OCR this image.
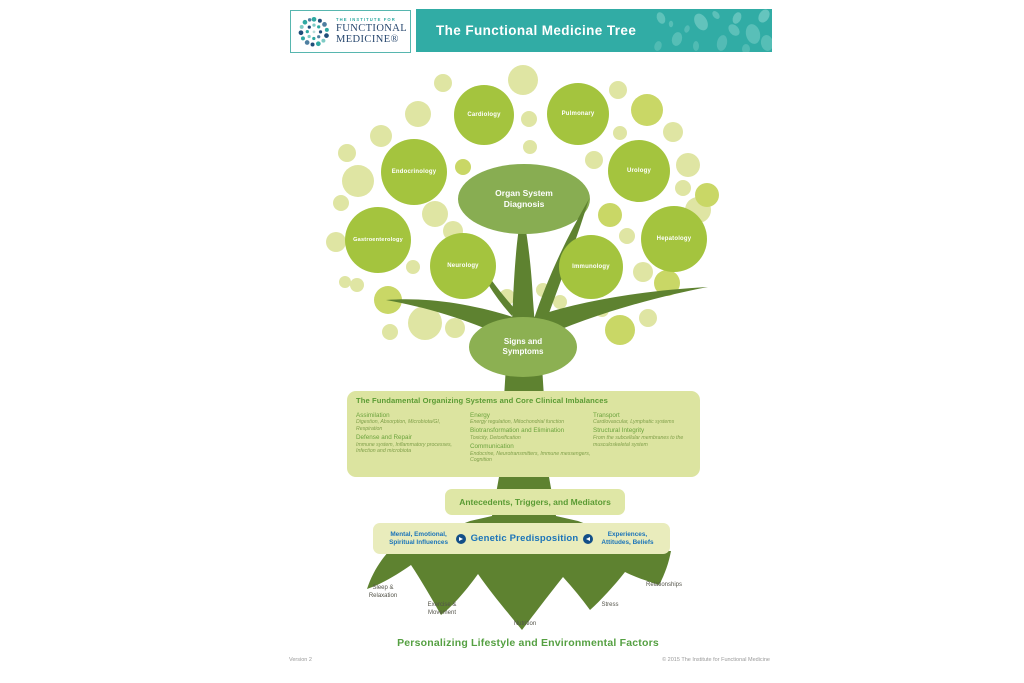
THE INSTITUTE FOR
FUNCTIONAL
MEDICINE®
The Functional Medicine Tree
Cardiology	Pulmonary
Endocrinology	Urology
Gastroenterology	Hepatology
Neurology	Immunology
Organ System Diagnosis
Signs and Symptoms
The Fundamental Organizing Systems and Core Clinical Imbalances
Assimilation
Digestion, Absorption, Microbiota/GI, Respiration
Defense and Repair
Immune system, Inflammatory processes, Infection and microbiota
Energy
Energy regulation, Mitochondrial function
Biotransformation and Elimination
Toxicity, Detoxification
Communication
Endocrine, Neurotransmitters, Immune messengers, Cognition
Transport
Cardiovascular, Lymphatic systems
Structural Integrity
From the subcellular membranes to the musculoskeletal system
Antecedents, Triggers, and Mediators
Mental, Emotional, Spiritual Influences Genetic Predisposition	Experiences, Attitudes, Beliefs
Sleep & Relaxation
Exercise & Movement
Nutrition
Stress
Relationships
Personalizing Lifestyle and Environmental Factors
Version 2	© 2015 The Institute for Functional Medicine
